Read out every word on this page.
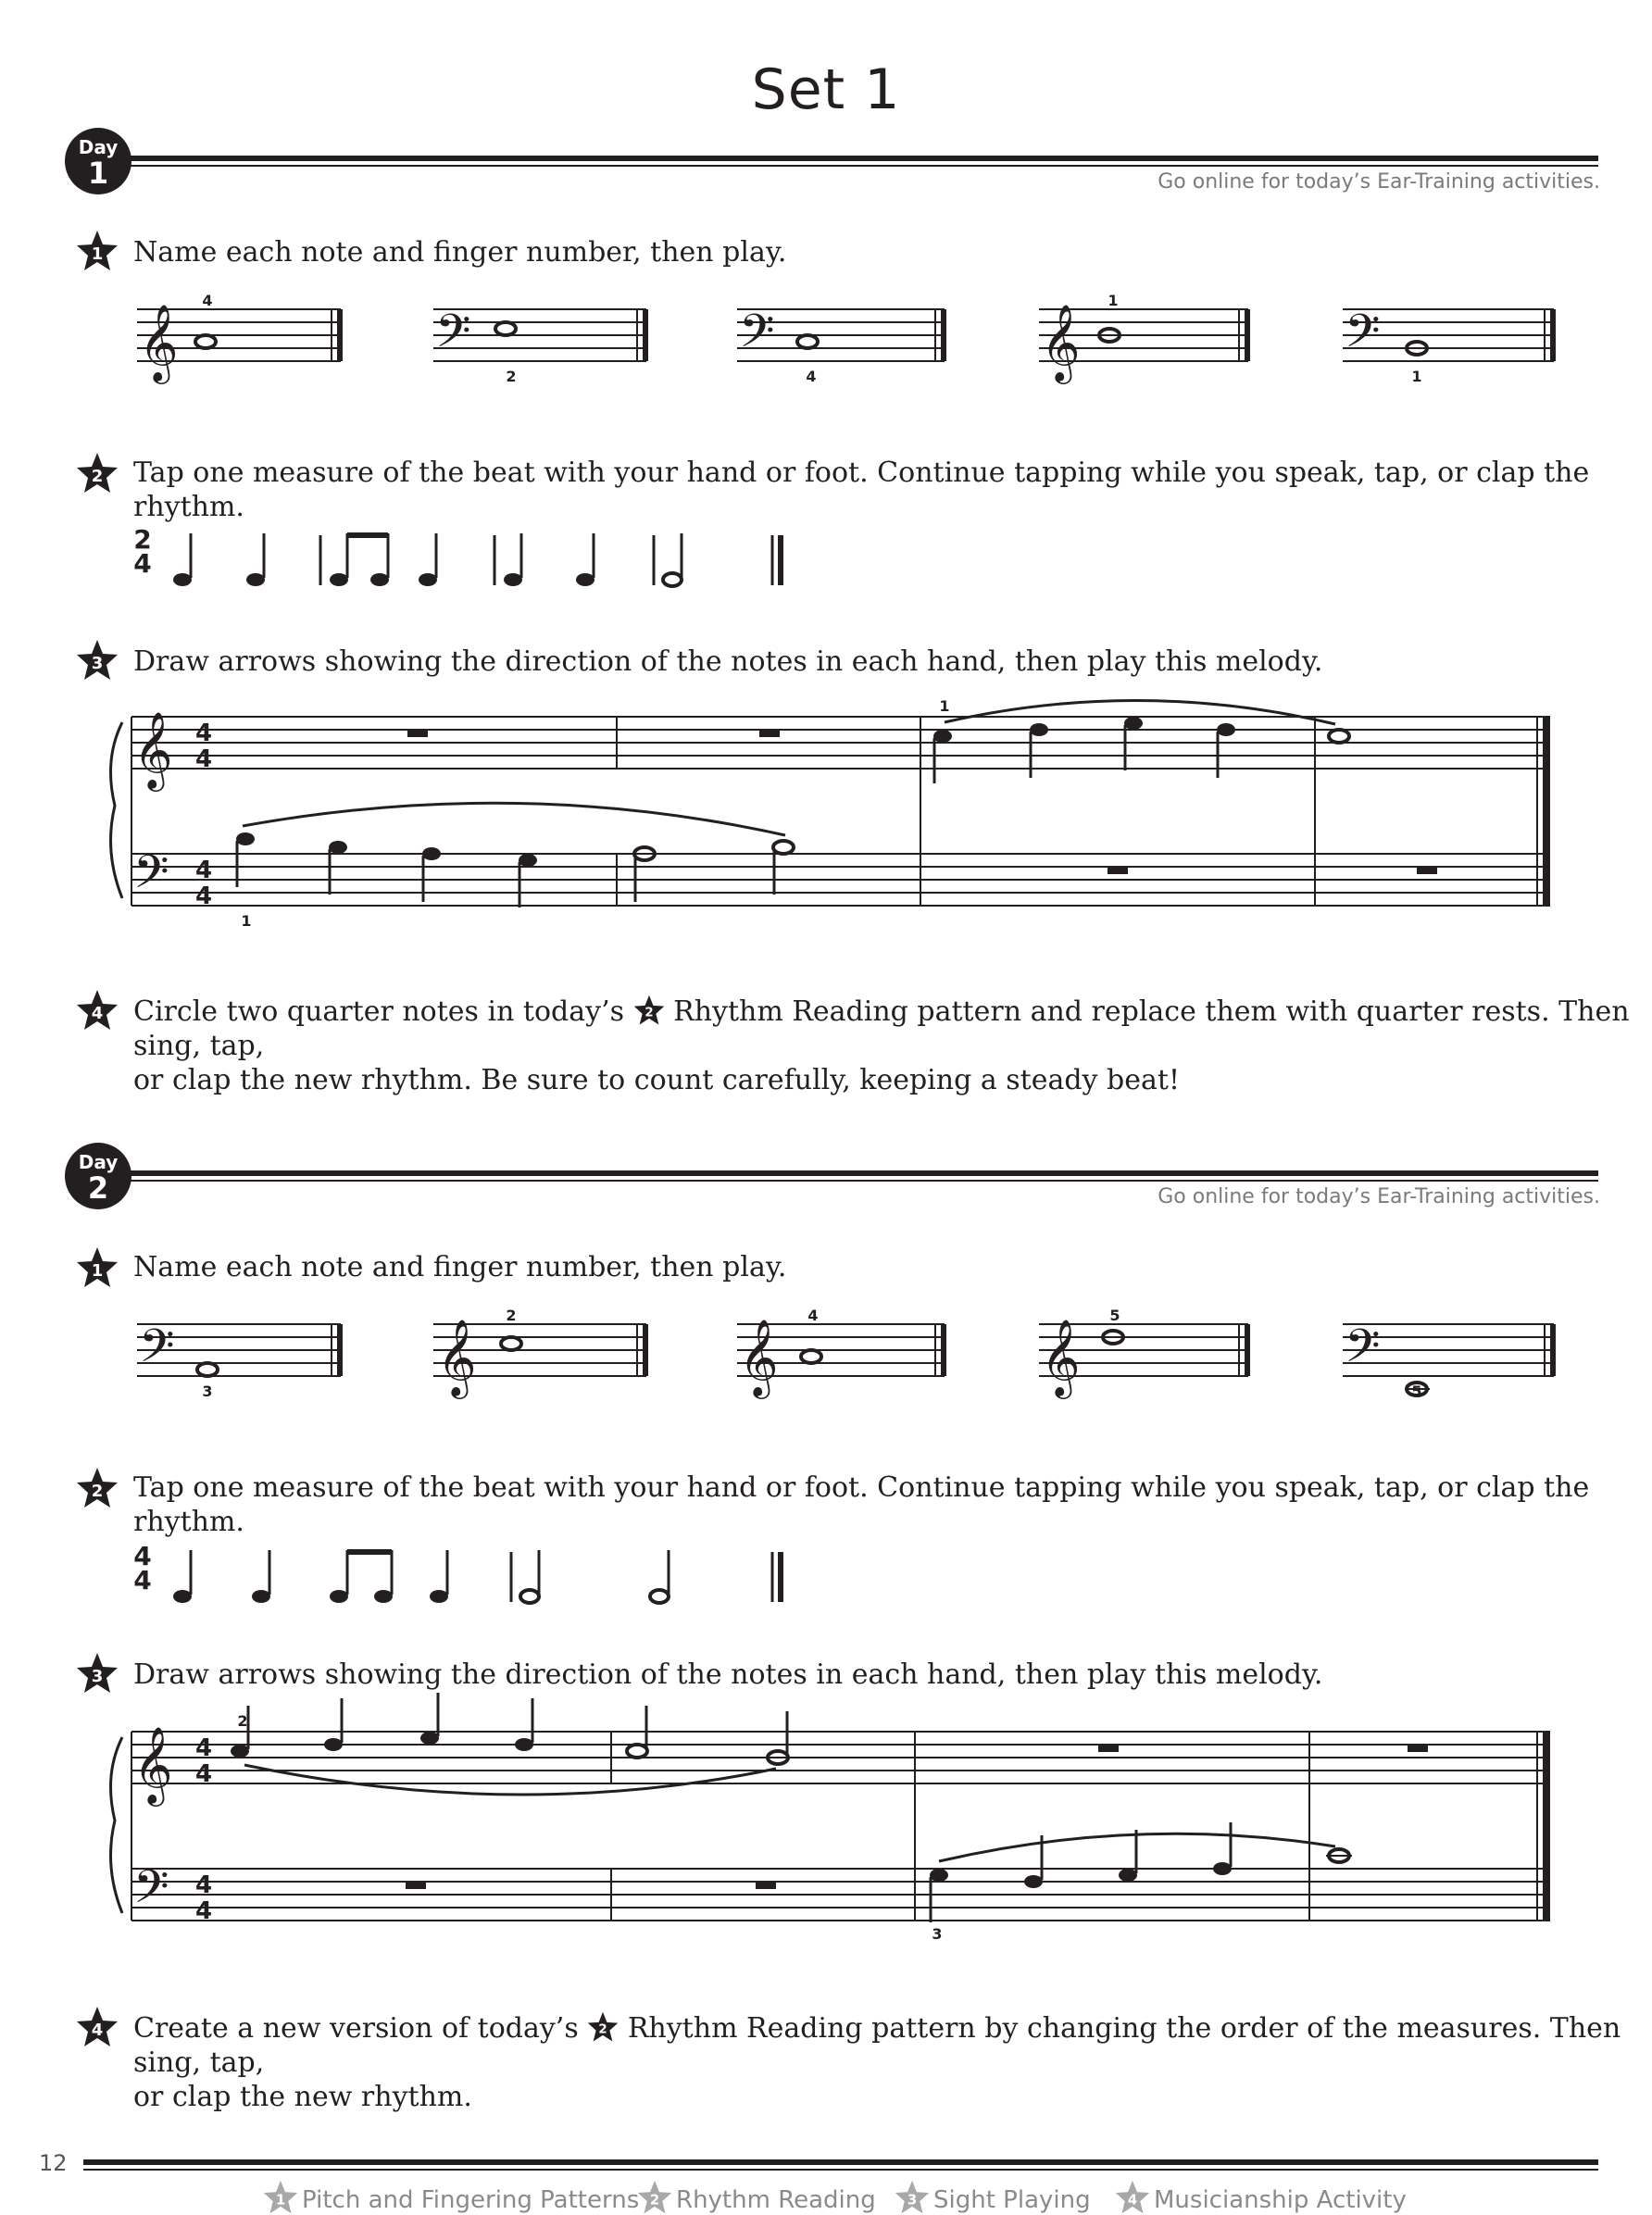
Set 1
Day
1	Go online for today’s Ear-Training activities.
1 Name each note and finger number, then play.
𝄞	𝄢	𝄢	𝄞	𝄢
4
2	4
1
1
2 Tap one measure of the beat with your hand or foot. Continue tapping while you speak, tap, or clap the rhythm.
2
4
3 Draw arrows showing the direction of the notes in each hand, then play this melody.
𝄞
𝄢
4
4
4
4
1
1
4 Circle two quarter notes in today’s 2 Rhythm Reading pattern and replace them with quarter rests. Then sing, tap,
or clap the new rhythm. Be sure to count carefully, keeping a steady beat!
Day
2	Go online for today’s Ear-Training activities.
1 Name each note and finger number, then play.
𝄢	𝄞	𝄞	𝄞	𝄢
3
2	4	5
5
2 Tap one measure of the beat with your hand or foot. Continue tapping while you speak, tap, or clap the rhythm.
4
4
3 Draw arrows showing the direction of the notes in each hand, then play this melody.
𝄞
𝄢
4
4
4
4
2
3
4 Create a new version of today’s 2 Rhythm Reading pattern by changing the order of the measures. Then sing, tap,
or clap the new rhythm.
12
1 Pitch and Fingering Patterns 2 Rhythm Reading 3 Sight Playing 4 Musicianship Activity
